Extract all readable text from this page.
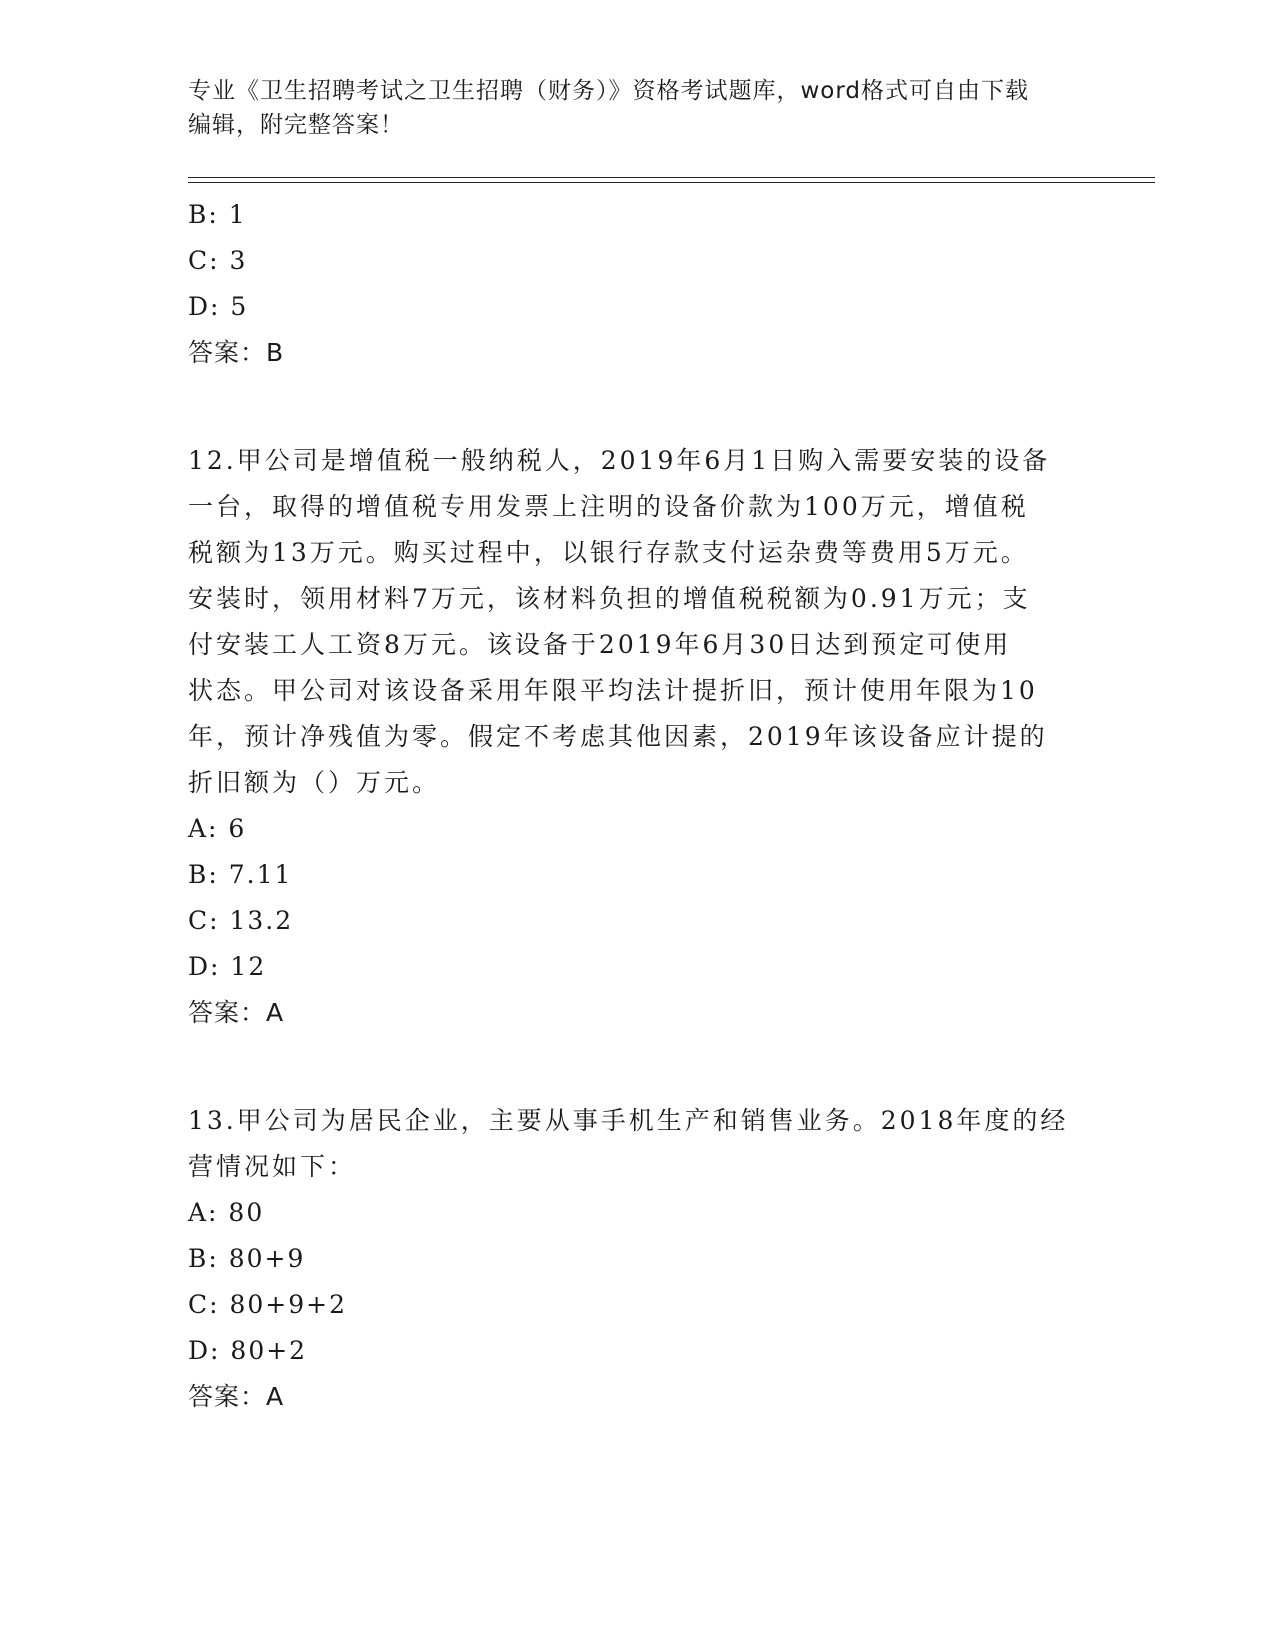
专业《卫生招聘考试之卫生招聘（财务）》资格考试题库，word格式可自由下载
编辑，附完整答案！
B: 1
C: 3
D: 5
答案：B
12.甲公司是增值税一般纳税人，2019年6月1日购入需要安装的设备
一台，取得的增值税专用发票上注明的设备价款为100万元，增值税
税额为13万元。购买过程中，以银行存款支付运杂费等费用5万元。
安装时，领用材料7万元，该材料负担的增值税税额为0.91万元；支
付安装工人工资8万元。该设备于2019年6月30日达到预定可使用
状态。甲公司对该设备采用年限平均法计提折旧，预计使用年限为10
年，预计净残值为零。假定不考虑其他因素，2019年该设备应计提的
折旧额为（）万元。
A: 6
B: 7.11
C: 13.2
D: 12
答案：A
13.甲公司为居民企业，主要从事手机生产和销售业务。2018年度的经
营情况如下：
A: 80
B: 80+9
C: 80+9+2
D: 80+2
答案：A
